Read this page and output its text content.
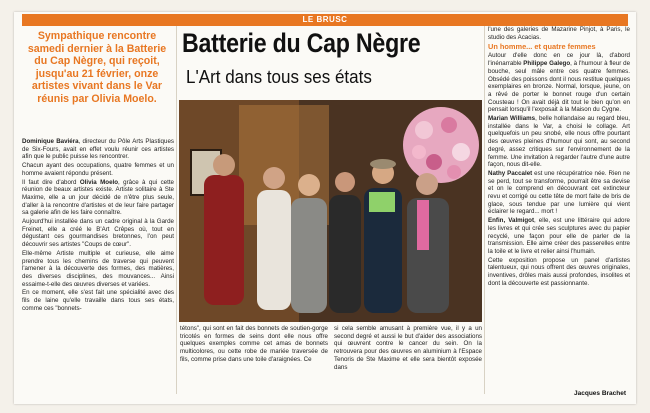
LE BRUSC
Sympathique rencontre samedi dernier à la Batterie du Cap Nègre, qui reçoit, jusqu'au 21 février, onze artistes vivant dans le Var réunis par Olivia Moelo.
Batterie du Cap Nègre
L'Art dans tous ses états

Dominique Baviéra, directeur du Pôle Arts Plastiques de Six-Fours, avait en effet voulu réunir ces artistes afin que le public puisse les rencontrer.

Chacun ayant des occupations, quatre femmes et un homme avaient répondu présent.

Il faut dire d'abord Olivia Moelo, grâce à qui cette réunion de beaux artistes existe. Artiste solitaire à Ste Maxime, elle a un jour décidé de n'être plus seule, d'aller à la rencontre d'artistes et de leur faire partager sa galerie afin de les faire connaître.

Aujourd'hui installée dans un cadre original à la Garde Freinet, elle a créé le B'Art Crêpes où, tout en dégustant ces gourmandises bretonnes, l'on peut découvrir ses artistes "Coups de cœur".

Elle-même Artiste multiple et curieuse, elle aime prendre tous les chemins de traverse qui peuvent l'amener à la découverte des formes, des matières, des diverses disciplines, des mouvances... Ainsi essaime-t-elle des œuvres diverses et variées.

En ce moment, elle s'est fait une spécialité avec des fils de laine qu'elle travaille dans tous ses états, comme ces "bonnets-

tétons", qui sont en fait des bonnets de soutien-gorge tricotés en formes de seins dont elle nous offre quelques exemples comme cet amas de bonnets multicolores, ou cette robe de mariée traversée de fils, comme prise dans une toile d'araignées. Ce
si cela semble amusant à première vue, il y a un second degré et aussi le but d'aider des associations qui œuvrent contre le cancer du sein. On la retrouvera pour des œuvres en aluminium à l'Espace Tenoris de Ste Maxime et elle sera bientôt exposée dans

l'une des galeries de Mazarine Pinjot, à Paris, le studio des Acacias.

Un homme... et quatre femmes

Autour d'elle donc en ce jour là, d'abord l'inénarrable Philippe Galego, à l'humour à fleur de bouche, seul mâle entre ces quatre femmes. Obsédé des poissons dont il nous restitue quelques exemplaires en bronze. Normal, lorsque, jeune, on a rêvé de porter le bonnet rouge d'un certain Cousteau ! On avait déjà dit tout le bien qu'on en pensait lorsqu'il l'exposait à la Maison du Cygne.

Marian Williams, belle hollandaise au regard bleu, installée dans le Var, a choisi le collage. Art quelquefois un peu snobé, elle nous offre pourtant des œuvres pleines d'humour qui sont, au second degré, assez critiques sur l'environnement de la femme. Une invitation à regarder l'autre d'une autre façon, nous dit-elle.

Nathy Paccalet est une récupératrice née. Rien ne se perd, tout se transforme, pourrait être sa devise et on le comprend en découvrant cet extincteur revu et corrigé ou cette tête de mort faite de bris de glace, sous tendue par une lumière qui vient éclairer le regard... mort !

Enfin, Valmigot, elle, est une littéraire qui adore les livres et qui crée ses sculptures avec du papier recyclé, une façon pour elle de parler de la transmission. Elle aime créer des passerelles entre la toile et le livre et relier ainsi l'humain.

Cette exposition propose un panel d'artistes talentueux, qui nous offrent des œuvres originales, inventives, drôles mais aussi profondes, insolites et dont la découverte est passionnante.

Jacques Brachet
